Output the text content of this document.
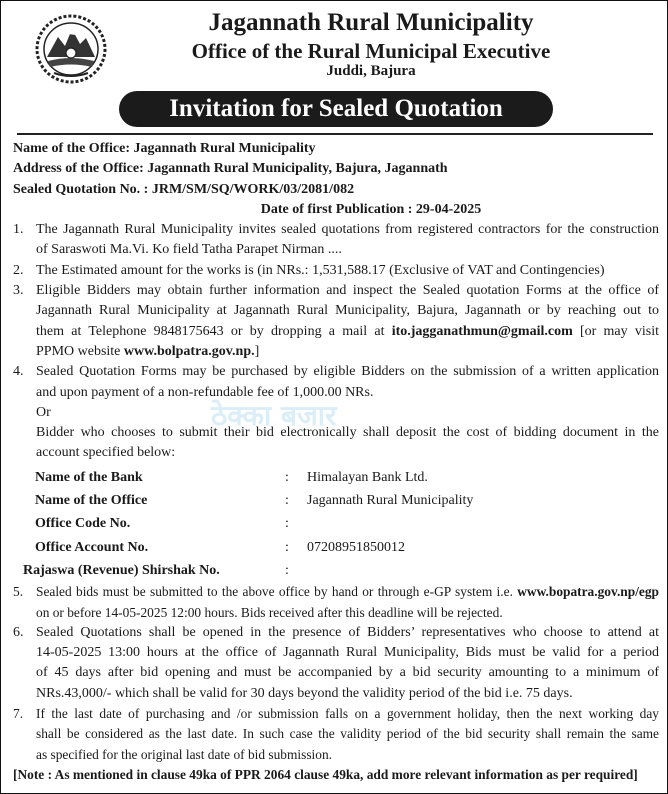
Jagannath Rural Municipality
Office of the Rural Municipal Executive
Juddi, Bajura
Invitation for Sealed Quotation
ठेक्का बजार
Name of the Office: Jagannath Rural Municipality
Address of the Office: Jagannath Rural Municipality, Bajura, Jagannath
Sealed Quotation No. : JRM/SM/SQ/WORK/03/2081/082
Date of first Publication : 29-04-2025
1. The Jagannath Rural Municipality invites sealed quotations from registered contractors for the construction
of Saraswoti Ma.Vi. Ko field Tatha Parapet Nirman ....
2. The Estimated amount for the works is (in NRs.: 1,531,588.17 (Exclusive of VAT and Contingencies)
3. Eligible Bidders may obtain further information and inspect the Sealed quotation Forms at the office of
Jagannath Rural Municipality at Jagannath Rural Municipality, Bajura, Jagannath or by reaching out to
them at Telephone 9848175643 or by dropping a mail at ito.jagganathmun@gmail.com [or may visit
PPMO website www.bolpatra.gov.np.]
4. Sealed Quotation Forms may be purchased by eligible Bidders on the submission of a written application
and upon payment of a non-refundable fee of 1,000.00 NRs.
Or
Bidder who chooses to submit their bid electronically shall deposit the cost of bidding document in the
account specified below:
Name of the Bank	:	Himalayan Bank Ltd.
Name of the Office	:	Jagannath Rural Municipality
Office Code No.	:
Office Account No.	:	07208951850012
Rajaswa (Revenue) Shirshak No.	:
5. Sealed bids must be submitted to the above office by hand or through e-GP system i.e. www.bopatra.gov.np/egp
on or before 14-05-2025 12:00 hours. Bids received after this deadline will be rejected.
6. Sealed Quotations shall be opened in the presence of Bidders’ representatives who choose to attend at
14-05-2025 13:00 hours at the office of Jagannath Rural Municipality, Bids must be valid for a period
of 45 days after bid opening and must be accompanied by a bid security amounting to a minimum of
NRs.43,000/- which shall be valid for 30 days beyond the validity period of the bid i.e. 75 days.
7. If the last date of purchasing and /or submission falls on a government holiday, then the next working day
shall be considered as the last date. In such case the validity period of the bid security shall remain the same
as specified for the original last date of bid submission.
[Note : As mentioned in clause 49ka of PPR 2064 clause 49ka, add more relevant information as per required]
